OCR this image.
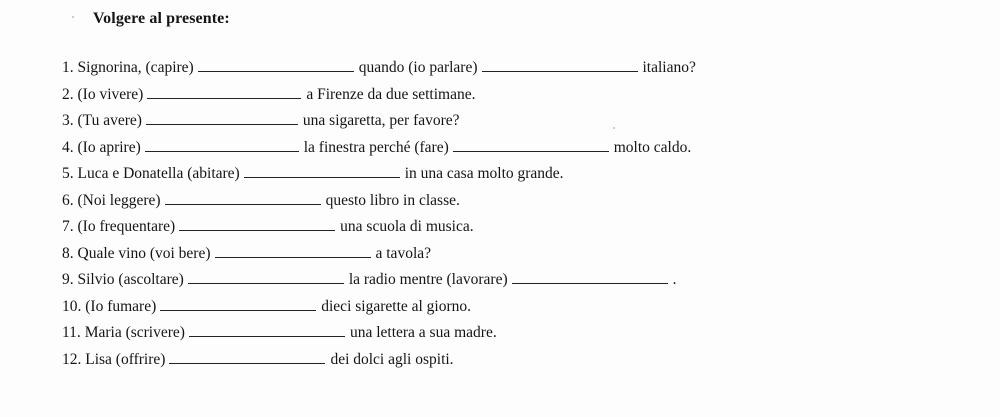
Volgere al presente:
1. Signorina, (capire)	quando (io parlare)	italiano?
2. (Io vivere)	a Firenze da due settimane.
3. (Tu avere)	una sigaretta, per favore?
4. (Io aprire)	la finestra perché (fare)	molto caldo.
5. Luca e Donatella (abitare)	in una casa molto grande.
6. (Noi leggere)	questo libro in classe.
7. (Io frequentare)	una scuola di musica.
8. Quale vino (voi bere)	a tavola?
9. Silvio (ascoltare)	la radio mentre (lavorare)	.
10. (Io fumare)	dieci sigarette al giorno.
11. Maria (scrivere)	una lettera a sua madre.
12. Lisa (offrire)	dei dolci agli ospiti.
